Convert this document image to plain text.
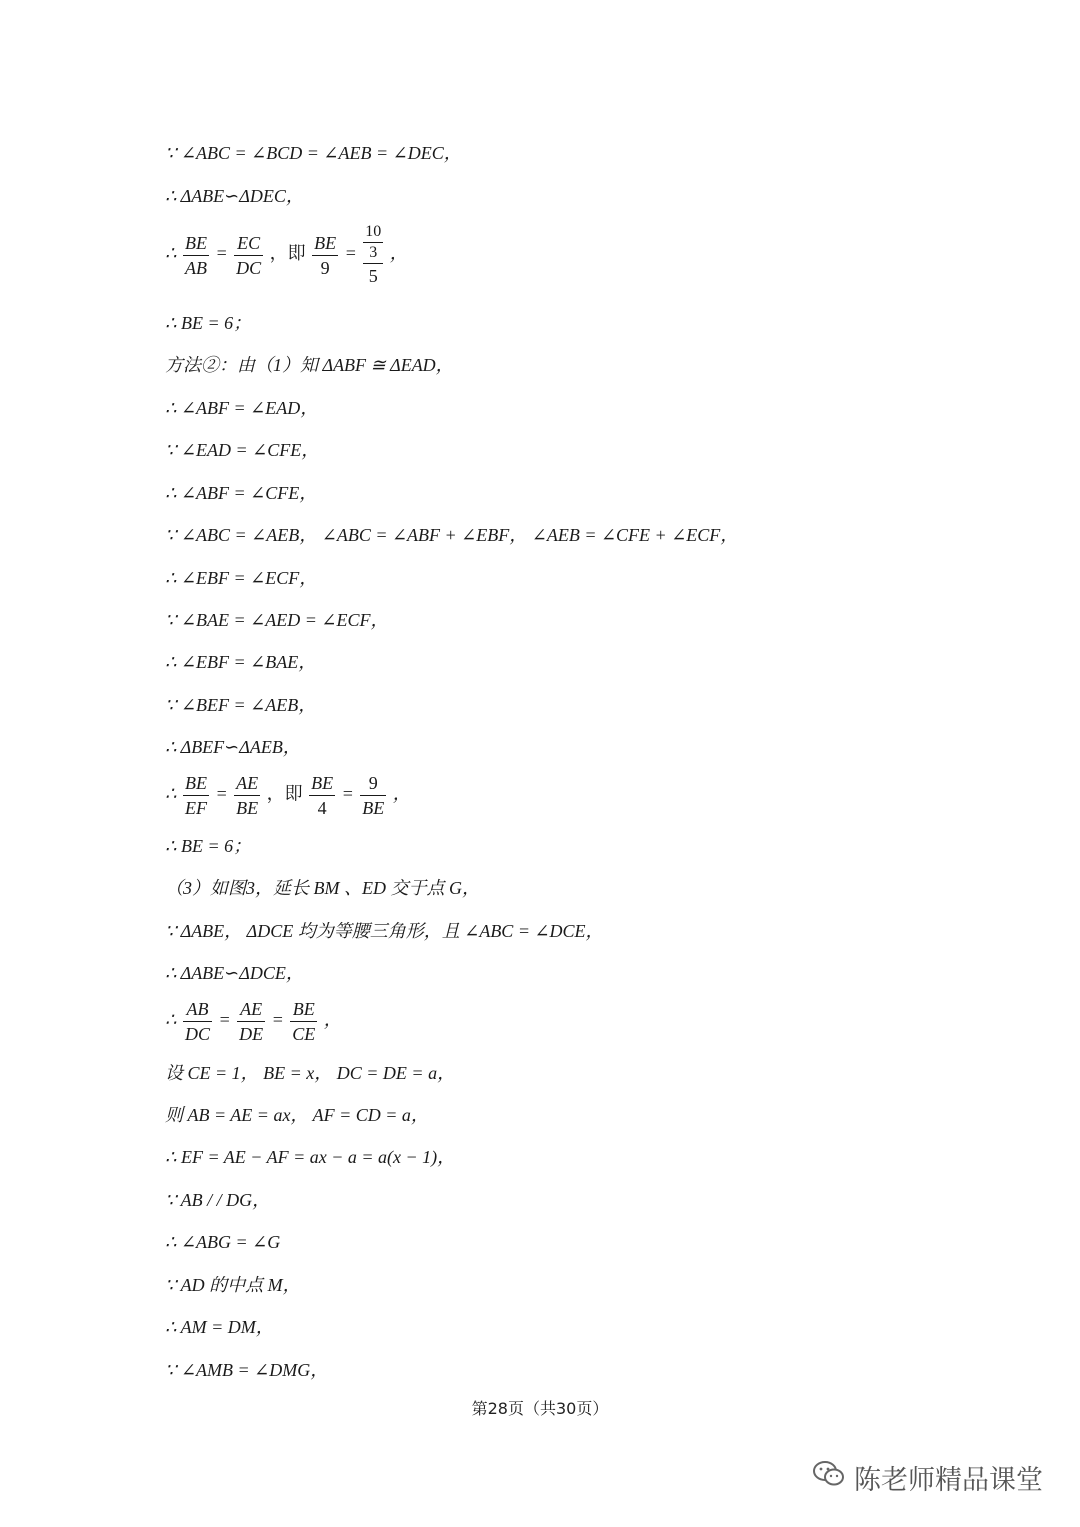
∵ ∠ABC = ∠BCD = ∠AEB = ∠DEC，
∴ ΔABE∽ΔDEC，
∴ $\frac{BE}{AB} = \frac{EC}{DC}$ ，即 $\frac{BE}{9} = \frac{\frac{10}{3}}{5}$ ，
∴ BE = 6；
方法②：由（1）知 ΔABF ≅ ΔEAD，
∴ ∠ABF = ∠EAD，
∵ ∠EAD = ∠CFE，
∴ ∠ABF = ∠CFE，
∵ ∠ABC = ∠AEB， ∠ABC = ∠ABF + ∠EBF， ∠AEB = ∠CFE + ∠ECF，
∴ ∠EBF = ∠ECF，
∵ ∠BAE = ∠AED = ∠ECF，
∴ ∠EBF = ∠BAE，
∵ ∠BEF = ∠AEB，
∴ ΔBEF∽ΔAEB，
∴ $\frac{BE}{EF} = \frac{AE}{BE}$ ，即 $\frac{BE}{4} = \frac{9}{BE}$ ，
∴ BE = 6；
（3）如图3，延长 BM 、ED 交于点 G，
∵ ΔABE， ΔDCE 均为等腰三角形，且 ∠ABC = ∠DCE，
∴ ΔABE∽ΔDCE，
∴ $\frac{AB}{DC} = \frac{AE}{DE} = \frac{BE}{CE}$ ，
设 CE = 1， BE = x， DC = DE = a，
则 AB = AE = ax， AF = CD = a，
∴ EF = AE − AF = ax − a = a(x − 1)，
∵ AB / / DG，
∴ ∠ABG = ∠G
∵ AD 的中点 M，
∴ AM = DM，
∵ ∠AMB = ∠DMG，
第28页（共30页）
陈老师精品课堂
